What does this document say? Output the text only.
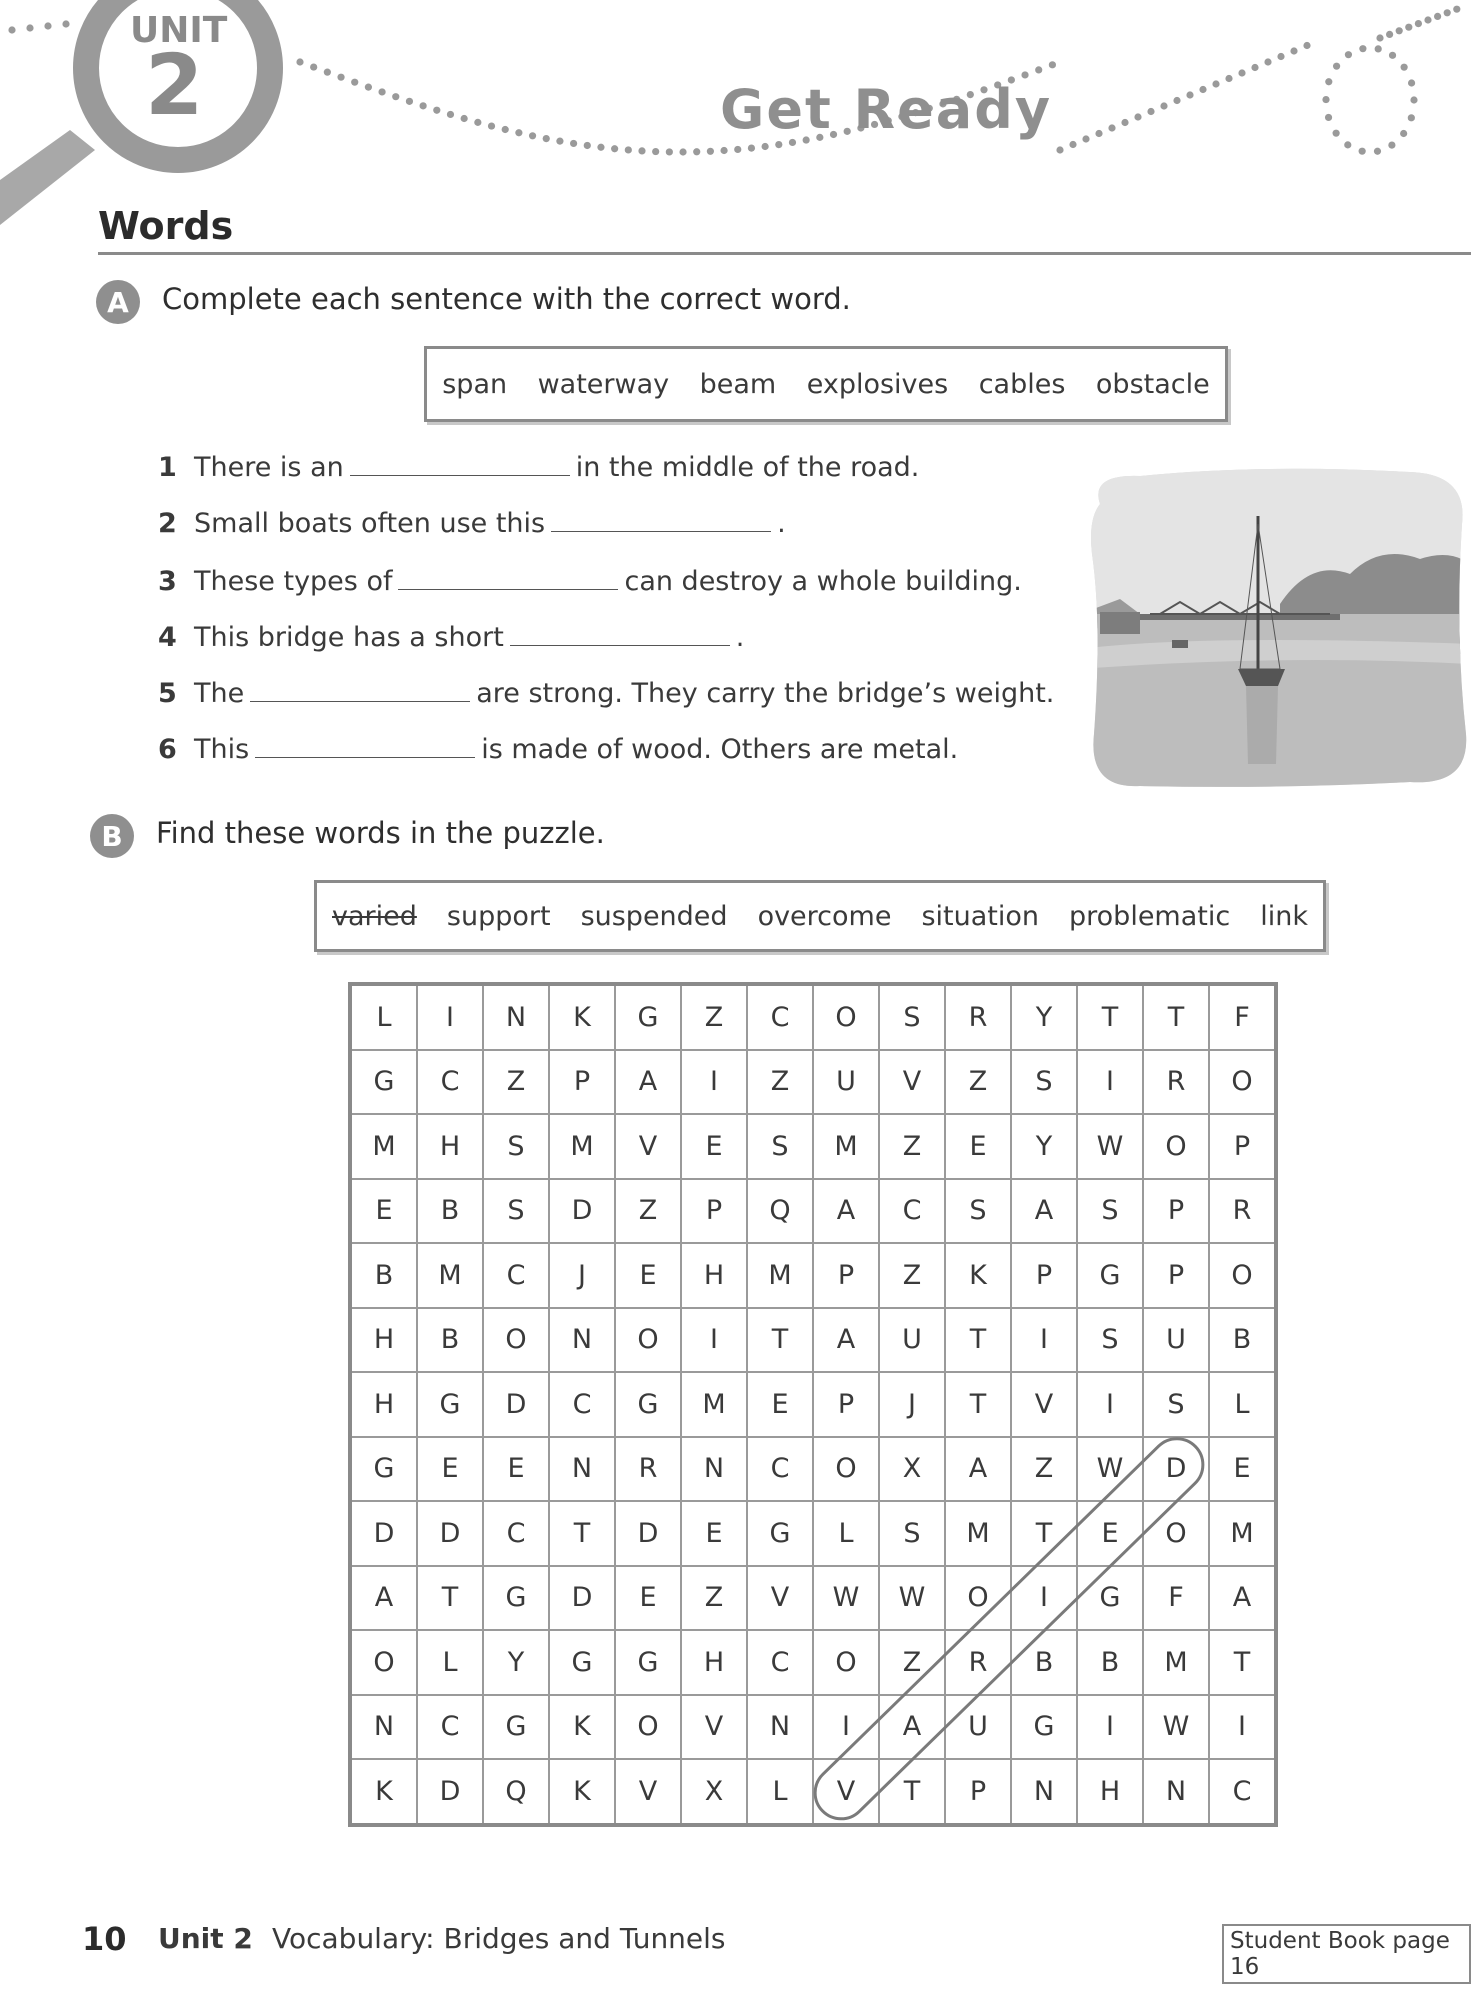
UNIT
2	Get Ready
Words
A	Complete each sentence with the correct word.
span waterway beam explosives cables obstacle
1 There is an	in the middle of the road.
2 Small boats often use this	.
3 These types of	can destroy a whole building.
4 This bridge has a short	.
5 The	are strong. They carry the bridge’s weight.
6 This	is made of wood. Others are metal.
B	Find these words in the puzzle.
varied support suspended overcome situation problematic link
L	I	N	K	G	Z	C	O	S	R	Y	T	T	F
G	C	Z	P	A	I	Z	U	V	Z	S	I	R	O
M	H	S	M	V	E	S	M	Z	E	Y	W	O	P
E	B	S	D	Z	P	Q	A	C	S	A	S	P	R
B	M	C	J	E	H	M	P	Z	K	P	G	P	O
H	B	O	N	O	I	T	A	U	T	I	S	U	B
H	G	D	C	G	M	E	P	J	T	V	I	S	L
G	E	E	N	R	N	C	O	X	A	Z	W	D	E
D	D	C	T	D	E	G	L	S	M	T	E	O	M
A	T	G	D	E	Z	V	W	W	O	I	G	F	A
O	L	Y	G	G	H	C	O	Z	R	B	B	M	T
N	C	G	K	O	V	N	I	A	U	G	I	W	I
K	D	Q	K	V	X	L	V	T	P	N	H	N	C
10 Unit 2 Vocabulary: Bridges and Tunnels	Student Book page 16
